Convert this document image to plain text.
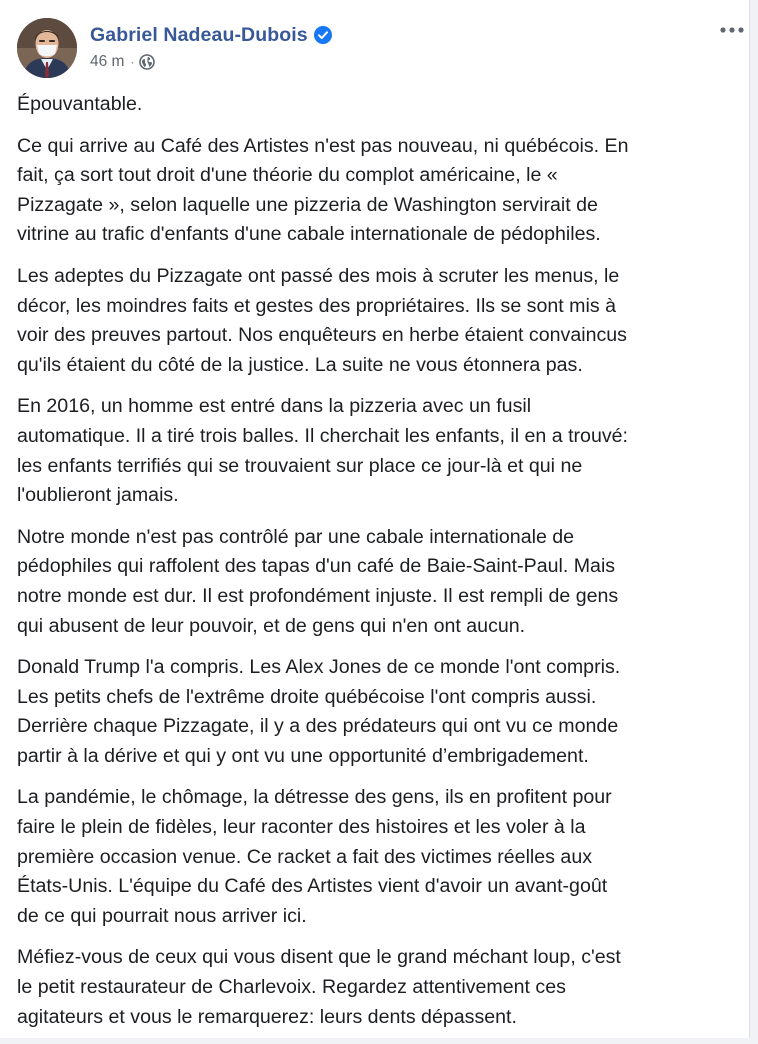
Gabriel Nadeau-Dubois
46 m ·

Épouvantable.

Ce qui arrive au Café des Artistes n'est pas nouveau, ni québécois. En
fait, ça sort tout droit d'une théorie du complot américaine, le «
Pizzagate », selon laquelle une pizzeria de Washington servirait de
vitrine au trafic d'enfants d'une cabale internationale de pédophiles.

Les adeptes du Pizzagate ont passé des mois à scruter les menus, le
décor, les moindres faits et gestes des propriétaires. Ils se sont mis à
voir des preuves partout. Nos enquêteurs en herbe étaient convaincus
qu'ils étaient du côté de la justice. La suite ne vous étonnera pas.

En 2016, un homme est entré dans la pizzeria avec un fusil
automatique. Il a tiré trois balles. Il cherchait les enfants, il en a trouvé:
les enfants terrifiés qui se trouvaient sur place ce jour-là et qui ne
l'oublieront jamais.

Notre monde n'est pas contrôlé par une cabale internationale de
pédophiles qui raffolent des tapas d'un café de Baie-Saint-Paul. Mais
notre monde est dur. Il est profondément injuste. Il est rempli de gens
qui abusent de leur pouvoir, et de gens qui n'en ont aucun.

Donald Trump l'a compris. Les Alex Jones de ce monde l'ont compris.
Les petits chefs de l'extrême droite québécoise l'ont compris aussi.
Derrière chaque Pizzagate, il y a des prédateurs qui ont vu ce monde
partir à la dérive et qui y ont vu une opportunité d’embrigadement.

La pandémie, le chômage, la détresse des gens, ils en profitent pour
faire le plein de fidèles, leur raconter des histoires et les voler à la
première occasion venue. Ce racket a fait des victimes réelles aux
États-Unis. L'équipe du Café des Artistes vient d'avoir un avant-goût
de ce qui pourrait nous arriver ici.

Méfiez-vous de ceux qui vous disent que le grand méchant loup, c'est
le petit restaurateur de Charlevoix. Regardez attentivement ces
agitateurs et vous le remarquerez: leurs dents dépassent.
